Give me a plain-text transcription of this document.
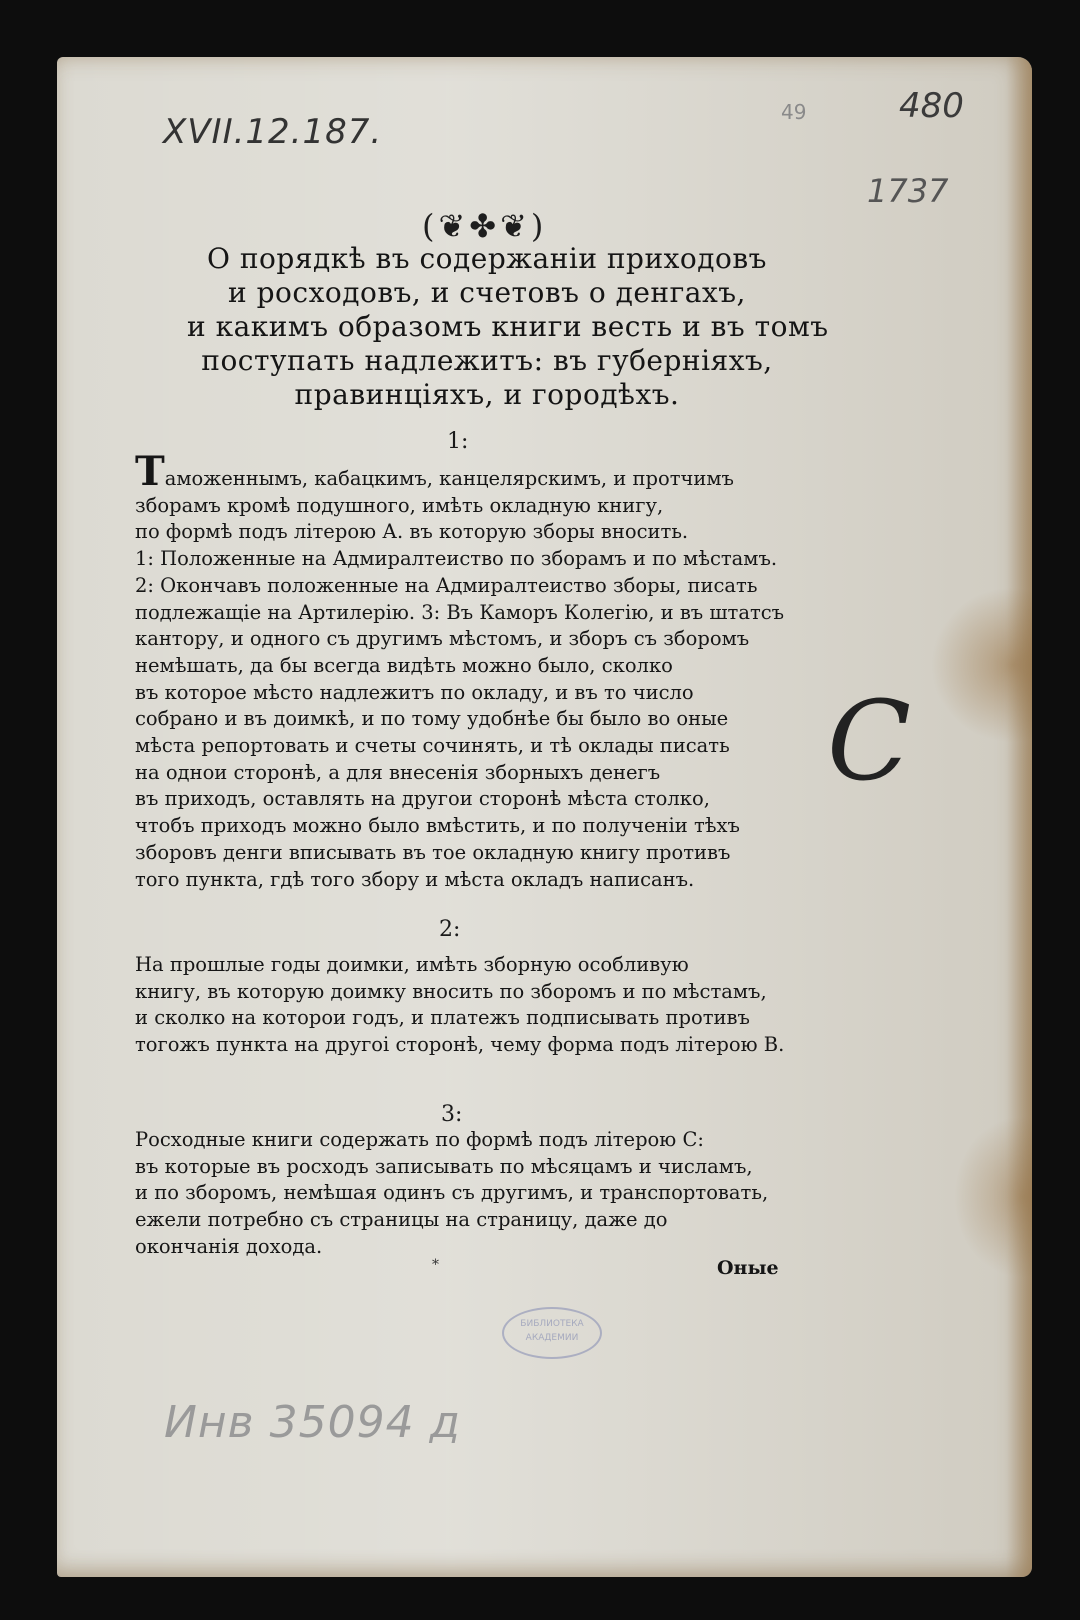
XVII.12.187.	49	480
1737
(❦✤❦)
О порядкѣ въ содержаніи приходовъ
и росходовъ, и счетовъ о денгахъ,
и какимъ образомъ книги весть и въ томъ
поступать надлежитъ: въ губерніяхъ,
правинціяхъ, и городѣхъ.
1:
Таможеннымъ, кабацкимъ, канцелярскимъ, и протчимъ
зборамъ кромѣ подушного, имѣть окладную книгу,
по формѣ подъ літерою А. въ которую зборы вносить.
1: Положенные на Адмиралтеиство по зборамъ и по мѣстамъ.
2: Окончавъ положенные на Адмиралтеиство зборы, писать
подлежащіе на Артилерію. 3: Въ Каморъ Колегію, и въ штатсъ
кантору, и одного съ другимъ мѣстомъ, и зборъ съ зборомъ
немѣшать, да бы всегда видѣть можно было, сколко
въ которое мѣсто надлежитъ по окладу, и въ то число
собрано и въ доимкѣ, и по тому удобнѣе бы было во оные
мѣста репортовать и счеты сочинять, и тѣ оклады писать
на однои сторонѣ, а для внесенія зборныхъ денегъ
въ приходъ, оставлять на другои сторонѣ мѣста столко,
чтобъ приходъ можно было вмѣстить, и по полученіи тѣхъ
зборовъ денги вписывать въ тое окладную книгу противъ
того пункта, гдѣ того збору и мѣста окладъ написанъ.
С
2:
На прошлые годы доимки, имѣть зборную особливую
книгу, въ которую доимку вносить по зборомъ и по мѣстамъ,
и сколко на которои годъ, и платежъ подписывать противъ
тогожъ пункта на другоі сторонѣ, чему форма подъ літерою В.
3:
Росходные книги содержать по формѣ подъ літерою С:
въ которые въ росходъ записывать по мѣсяцамъ и числамъ,
и по зборомъ, немѣшая одинъ съ другимъ, и транспортовать,
ежели потребно съ страницы на страницу, даже до
окончанія дохода.
*	Оные
БИБЛИОТЕКА
АКАДЕМИИ
Инв 35094 д
